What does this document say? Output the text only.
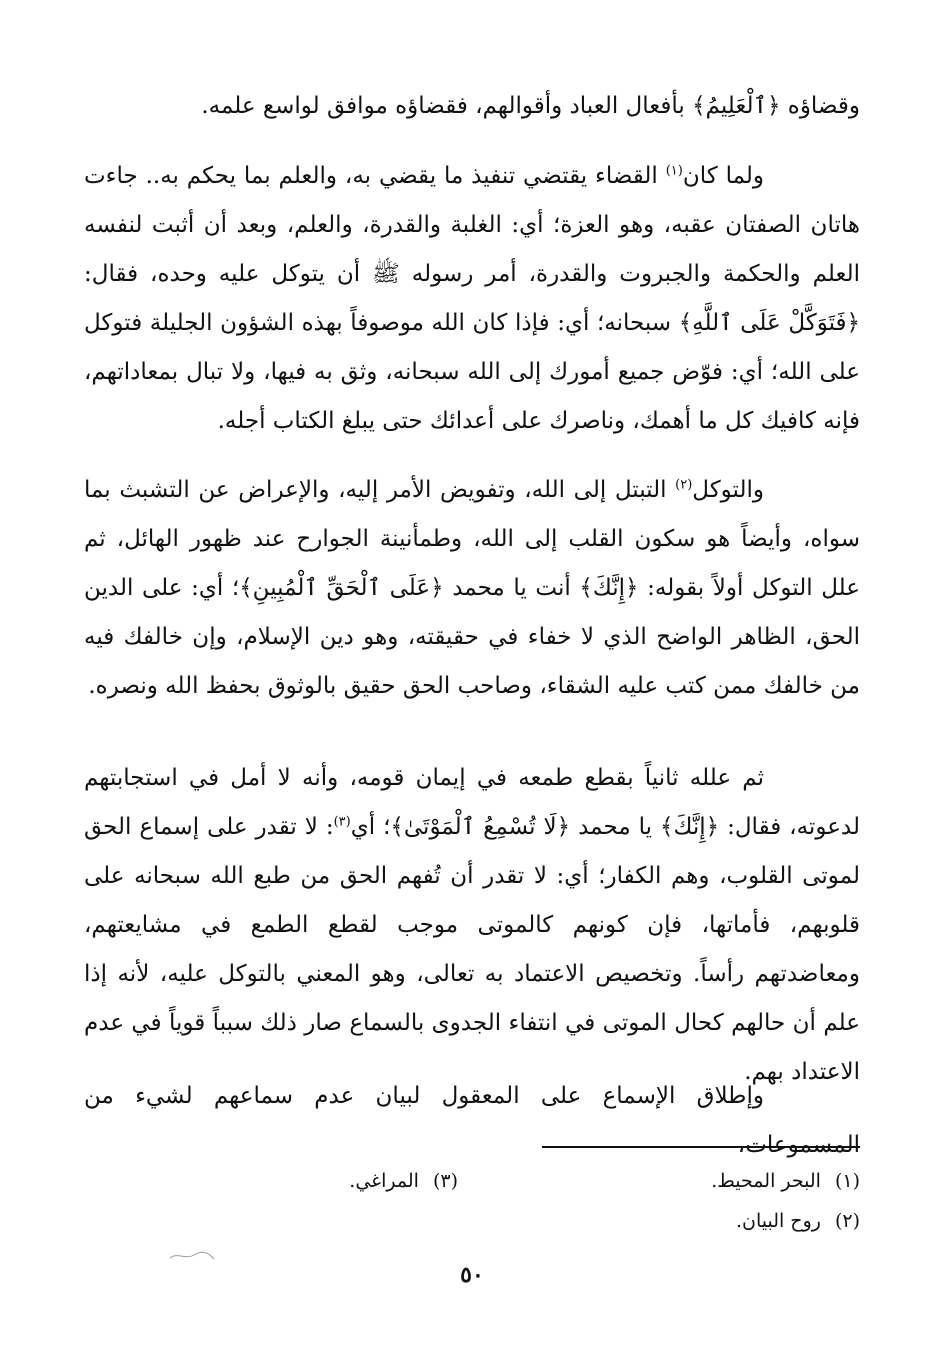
وقضاؤه ﴿ٱلْعَلِيمُ﴾ بأفعال العباد وأقوالهم، فقضاؤه موافق لواسع علمه.

ولما كان$^{(١)}$ القضاء يقتضي تنفيذ ما يقضي به، والعلم بما يحكم به.. جاءت هاتان الصفتان عقبه، وهو العزة؛ أي: الغلبة والقدرة، والعلم، وبعد أن أثبت لنفسه العلم والحكمة والجبروت والقدرة، أمر رسوله ﷺ أن يتوكل عليه وحده، فقال: ﴿فَتَوَكَّلْ عَلَى ٱللَّهِ﴾ سبحانه؛ أي: فإذا كان الله موصوفاً بهذه الشؤون الجليلة فتوكل على الله؛ أي: فوّض جميع أمورك إلى الله سبحانه، وثق به فيها، ولا تبال بمعاداتهم، فإنه كافيك كل ما أهمك، وناصرك على أعدائك حتى يبلغ الكتاب أجله.

والتوكل$^{(٢)}$ التبتل إلى الله، وتفويض الأمر إليه، والإعراض عن التشبث بما سواه، وأيضاً هو سكون القلب إلى الله، وطمأنينة الجوارح عند ظهور الهائل، ثم علل التوكل أولاً بقوله: ﴿إِنَّكَ﴾ أنت يا محمد ﴿عَلَى ٱلْحَقِّ ٱلْمُبِينِ﴾؛ أي: على الدين الحق، الظاهر الواضح الذي لا خفاء في حقيقته، وهو دين الإسلام، وإن خالفك فيه من خالفك ممن كتب عليه الشقاء، وصاحب الحق حقيق بالوثوق بحفظ الله ونصره.

ثم علله ثانياً بقطع طمعه في إيمان قومه، وأنه لا أمل في استجابتهم لدعوته، فقال: ﴿إِنَّكَ﴾ يا محمد ﴿لَا تُسْمِعُ ٱلْمَوْتَىٰ﴾؛ أي$^{(٣)}$: لا تقدر على إسماع الحق لموتى القلوب، وهم الكفار؛ أي: لا تقدر أن تُفهم الحق من طبع الله سبحانه على قلوبهم، فأماتها، فإن كونهم كالموتى موجب لقطع الطمع في مشايعتهم، ومعاضدتهم رأساً. وتخصيص الاعتماد به تعالى، وهو المعني بالتوكل عليه، لأنه إذا علم أن حالهم كحال الموتى في انتفاء الجدوى بالسماع صار ذلك سبباً قوياً في عدم الاعتداد بهم.

وإطلاق الإسماع على المعقول لبيان عدم سماعهم لشيء من المسموعات،

(١)البحر المحيط.
(٢)روح البيان.
(٣)المراغي.
٥٠
